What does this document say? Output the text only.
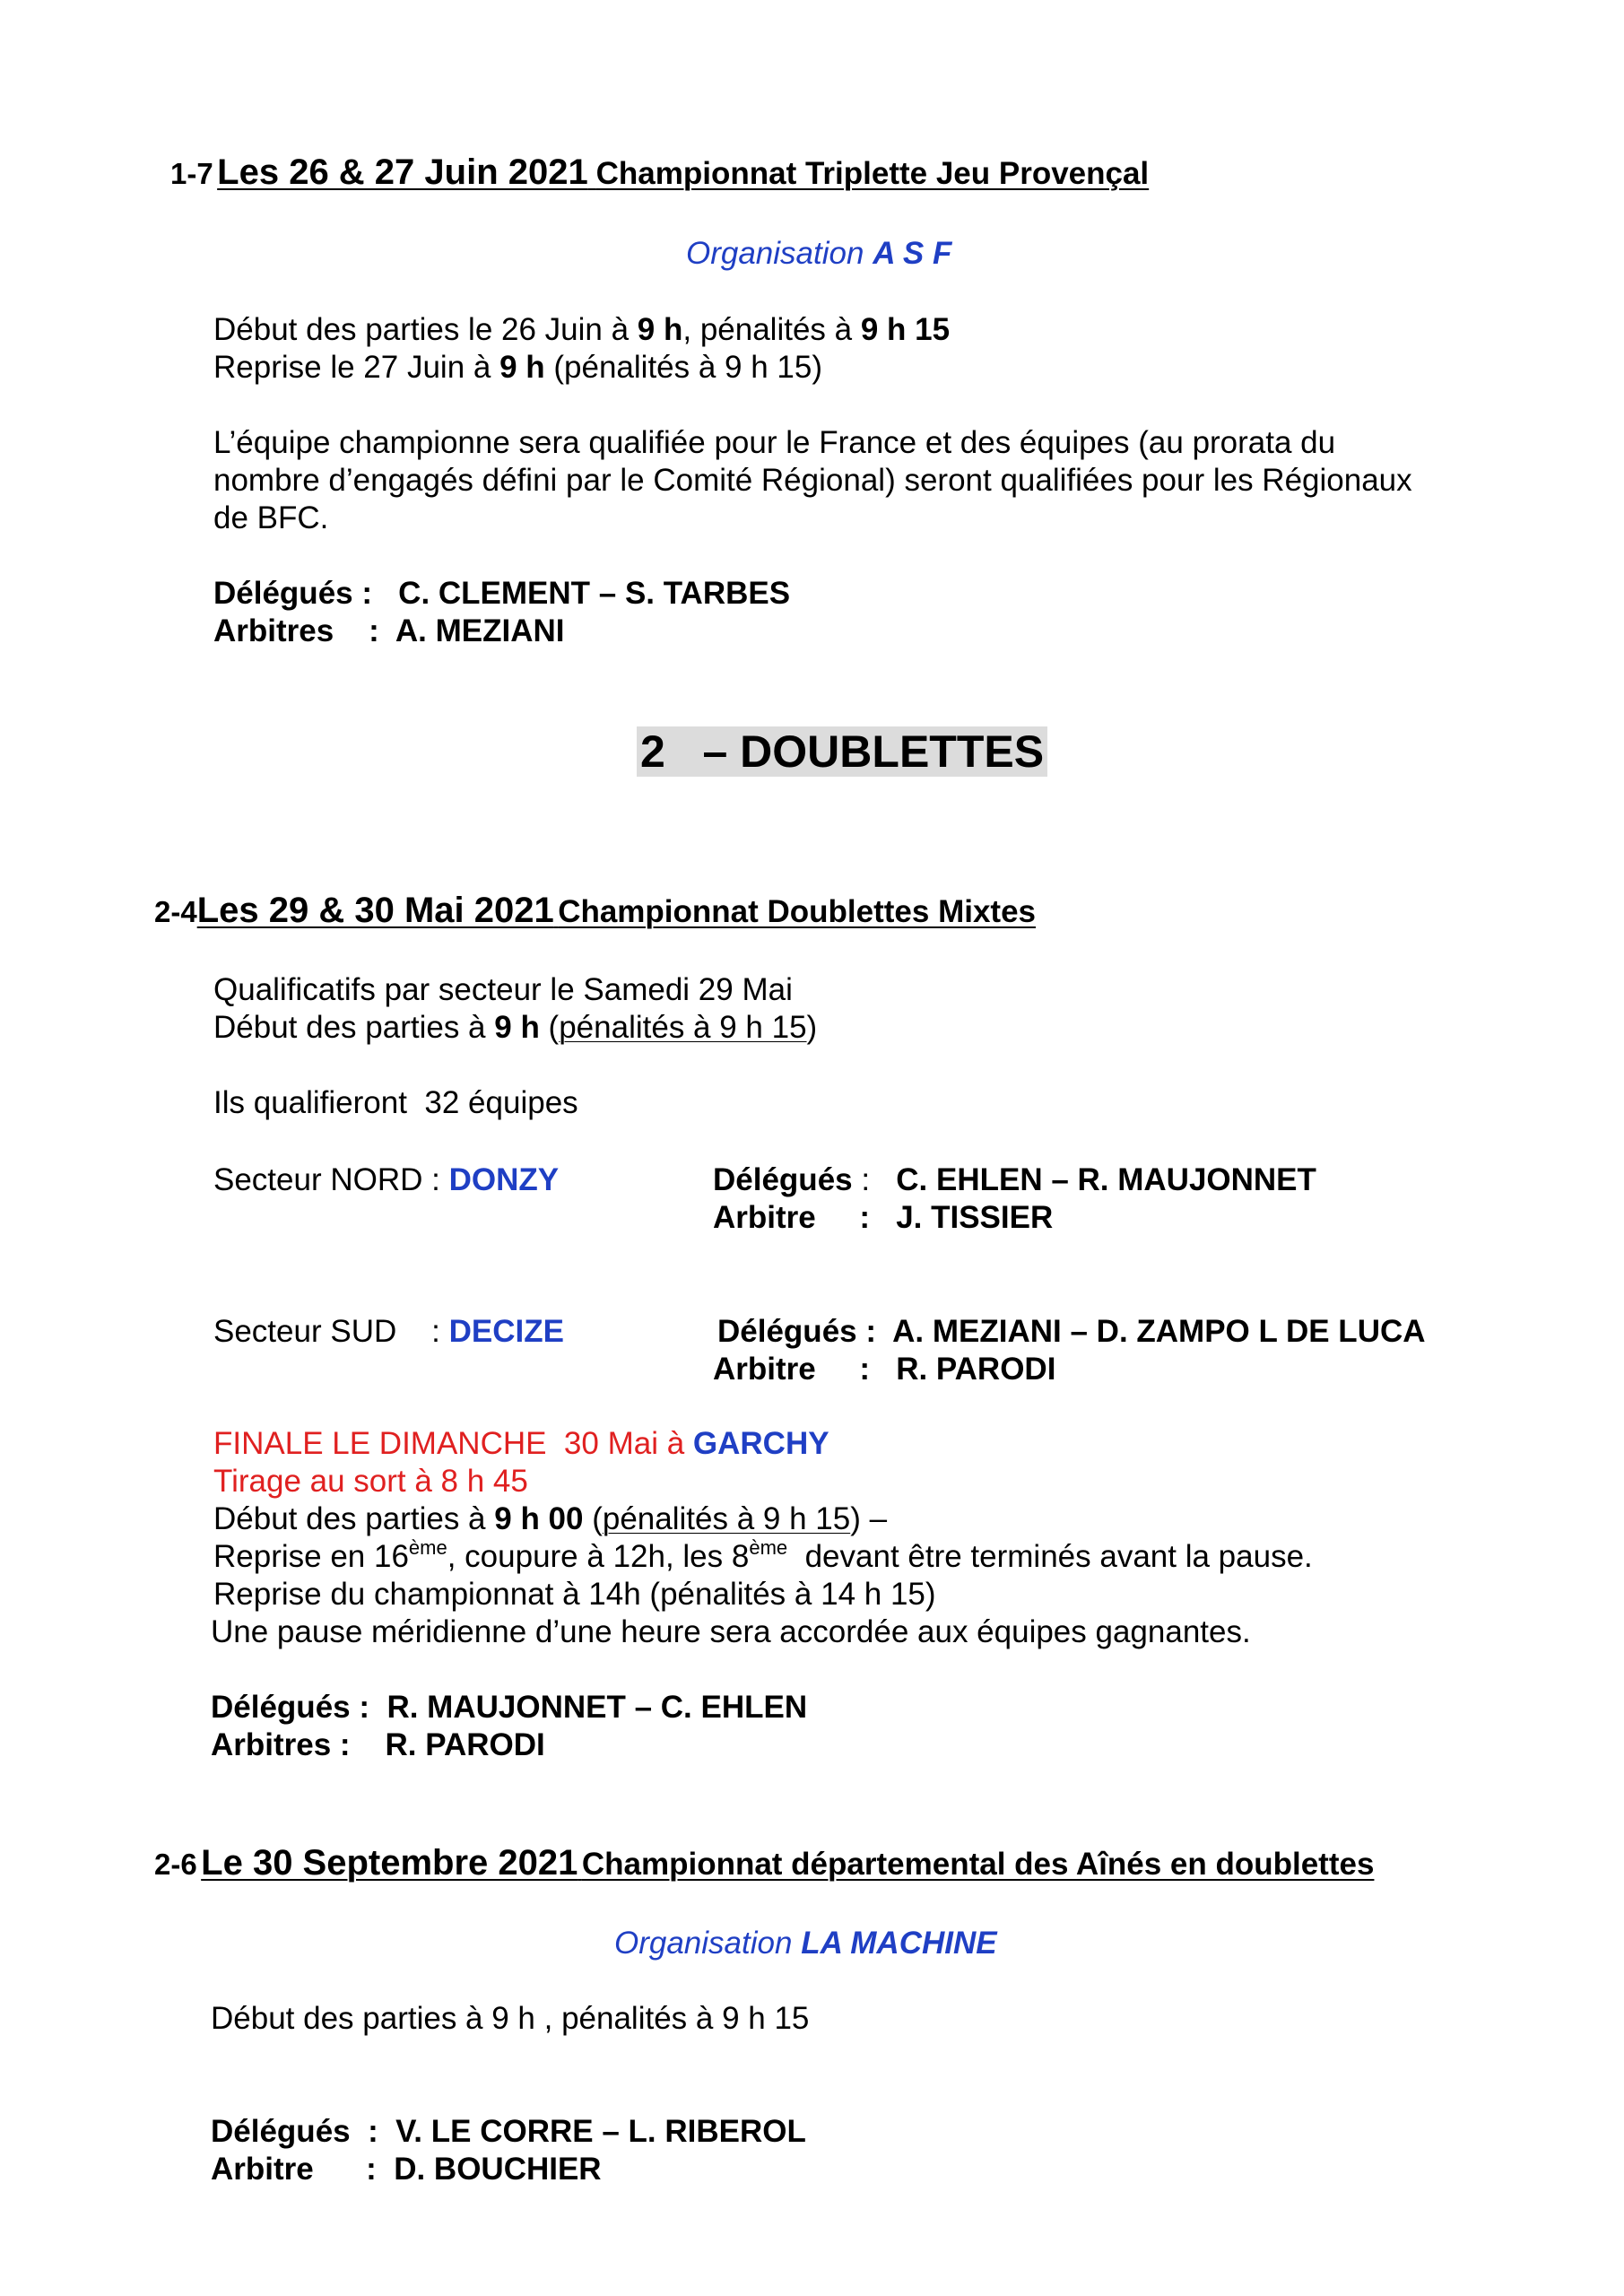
1-7 Les 26 & 27 Juin 2021 Championnat Triplette Jeu Provençal
Organisation A S F
Début des parties le 26 Juin à 9 h, pénalités à 9 h 15
Reprise le 27 Juin à 9 h (pénalités à 9 h 15)
L’équipe championne sera qualifiée pour le France et des équipes (au prorata du
nombre d’engagés défini par le Comité Régional) seront qualifiées pour les Régionaux
de BFC.
Délégués :   C. CLEMENT – S. TARBES
Arbitres    :  A. MEZIANI
2   – DOUBLETTES
2-4Les 29 & 30 Mai 2021 Championnat Doublettes Mixtes
Qualificatifs par secteur le Samedi 29 Mai
Début des parties à 9 h (pénalités à 9 h 15)
Ils qualifieront  32 équipes
Secteur NORD : DONZY	Délégués :   C. EHLEN – R. MAUJONNET
Arbitre     :   J. TISSIER
Secteur SUD    : DECIZE	Délégués :  A. MEZIANI – D. ZAMPO L DE LUCA
Arbitre     :   R. PARODI
FINALE LE DIMANCHE  30 Mai à GARCHY
Tirage au sort à 8 h 45
Début des parties à 9 h 00 (pénalités à 9 h 15) –
Reprise en 16ème, coupure à 12h, les 8ème  devant être terminés avant la pause.
Reprise du championnat à 14h (pénalités à 14 h 15)
Une pause méridienne d’une heure sera accordée aux équipes gagnantes.
Délégués :  R. MAUJONNET – C. EHLEN
Arbitres :    R. PARODI
2-6 Le 30 Septembre 2021 Championnat départemental des Aînés en doublettes
Organisation LA MACHINE
Début des parties à 9 h , pénalités à 9 h 15
Délégués  :  V. LE CORRE – L. RIBEROL
Arbitre      :  D. BOUCHIER
